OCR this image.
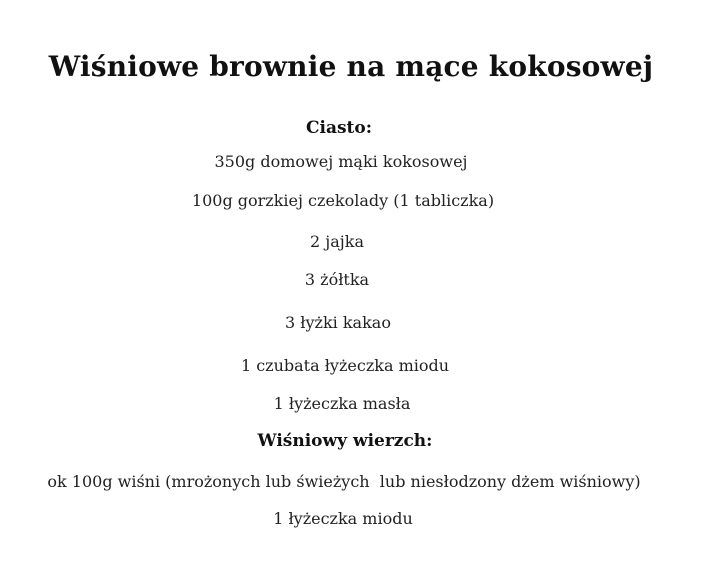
Wiśniowe brownie na mące kokosowej
Ciasto:
350g domowej mąki kokosowej
100g gorzkiej czekolady (1 tabliczka)
2 jajka
3 żółtka
3 łyżki kakao
1 czubata łyżeczka miodu
1 łyżeczka masła
Wiśniowy wierzch:
ok 100g wiśni (mrożonych lub świeżych  lub niesłodzony dżem wiśniowy)
1 łyżeczka miodu
